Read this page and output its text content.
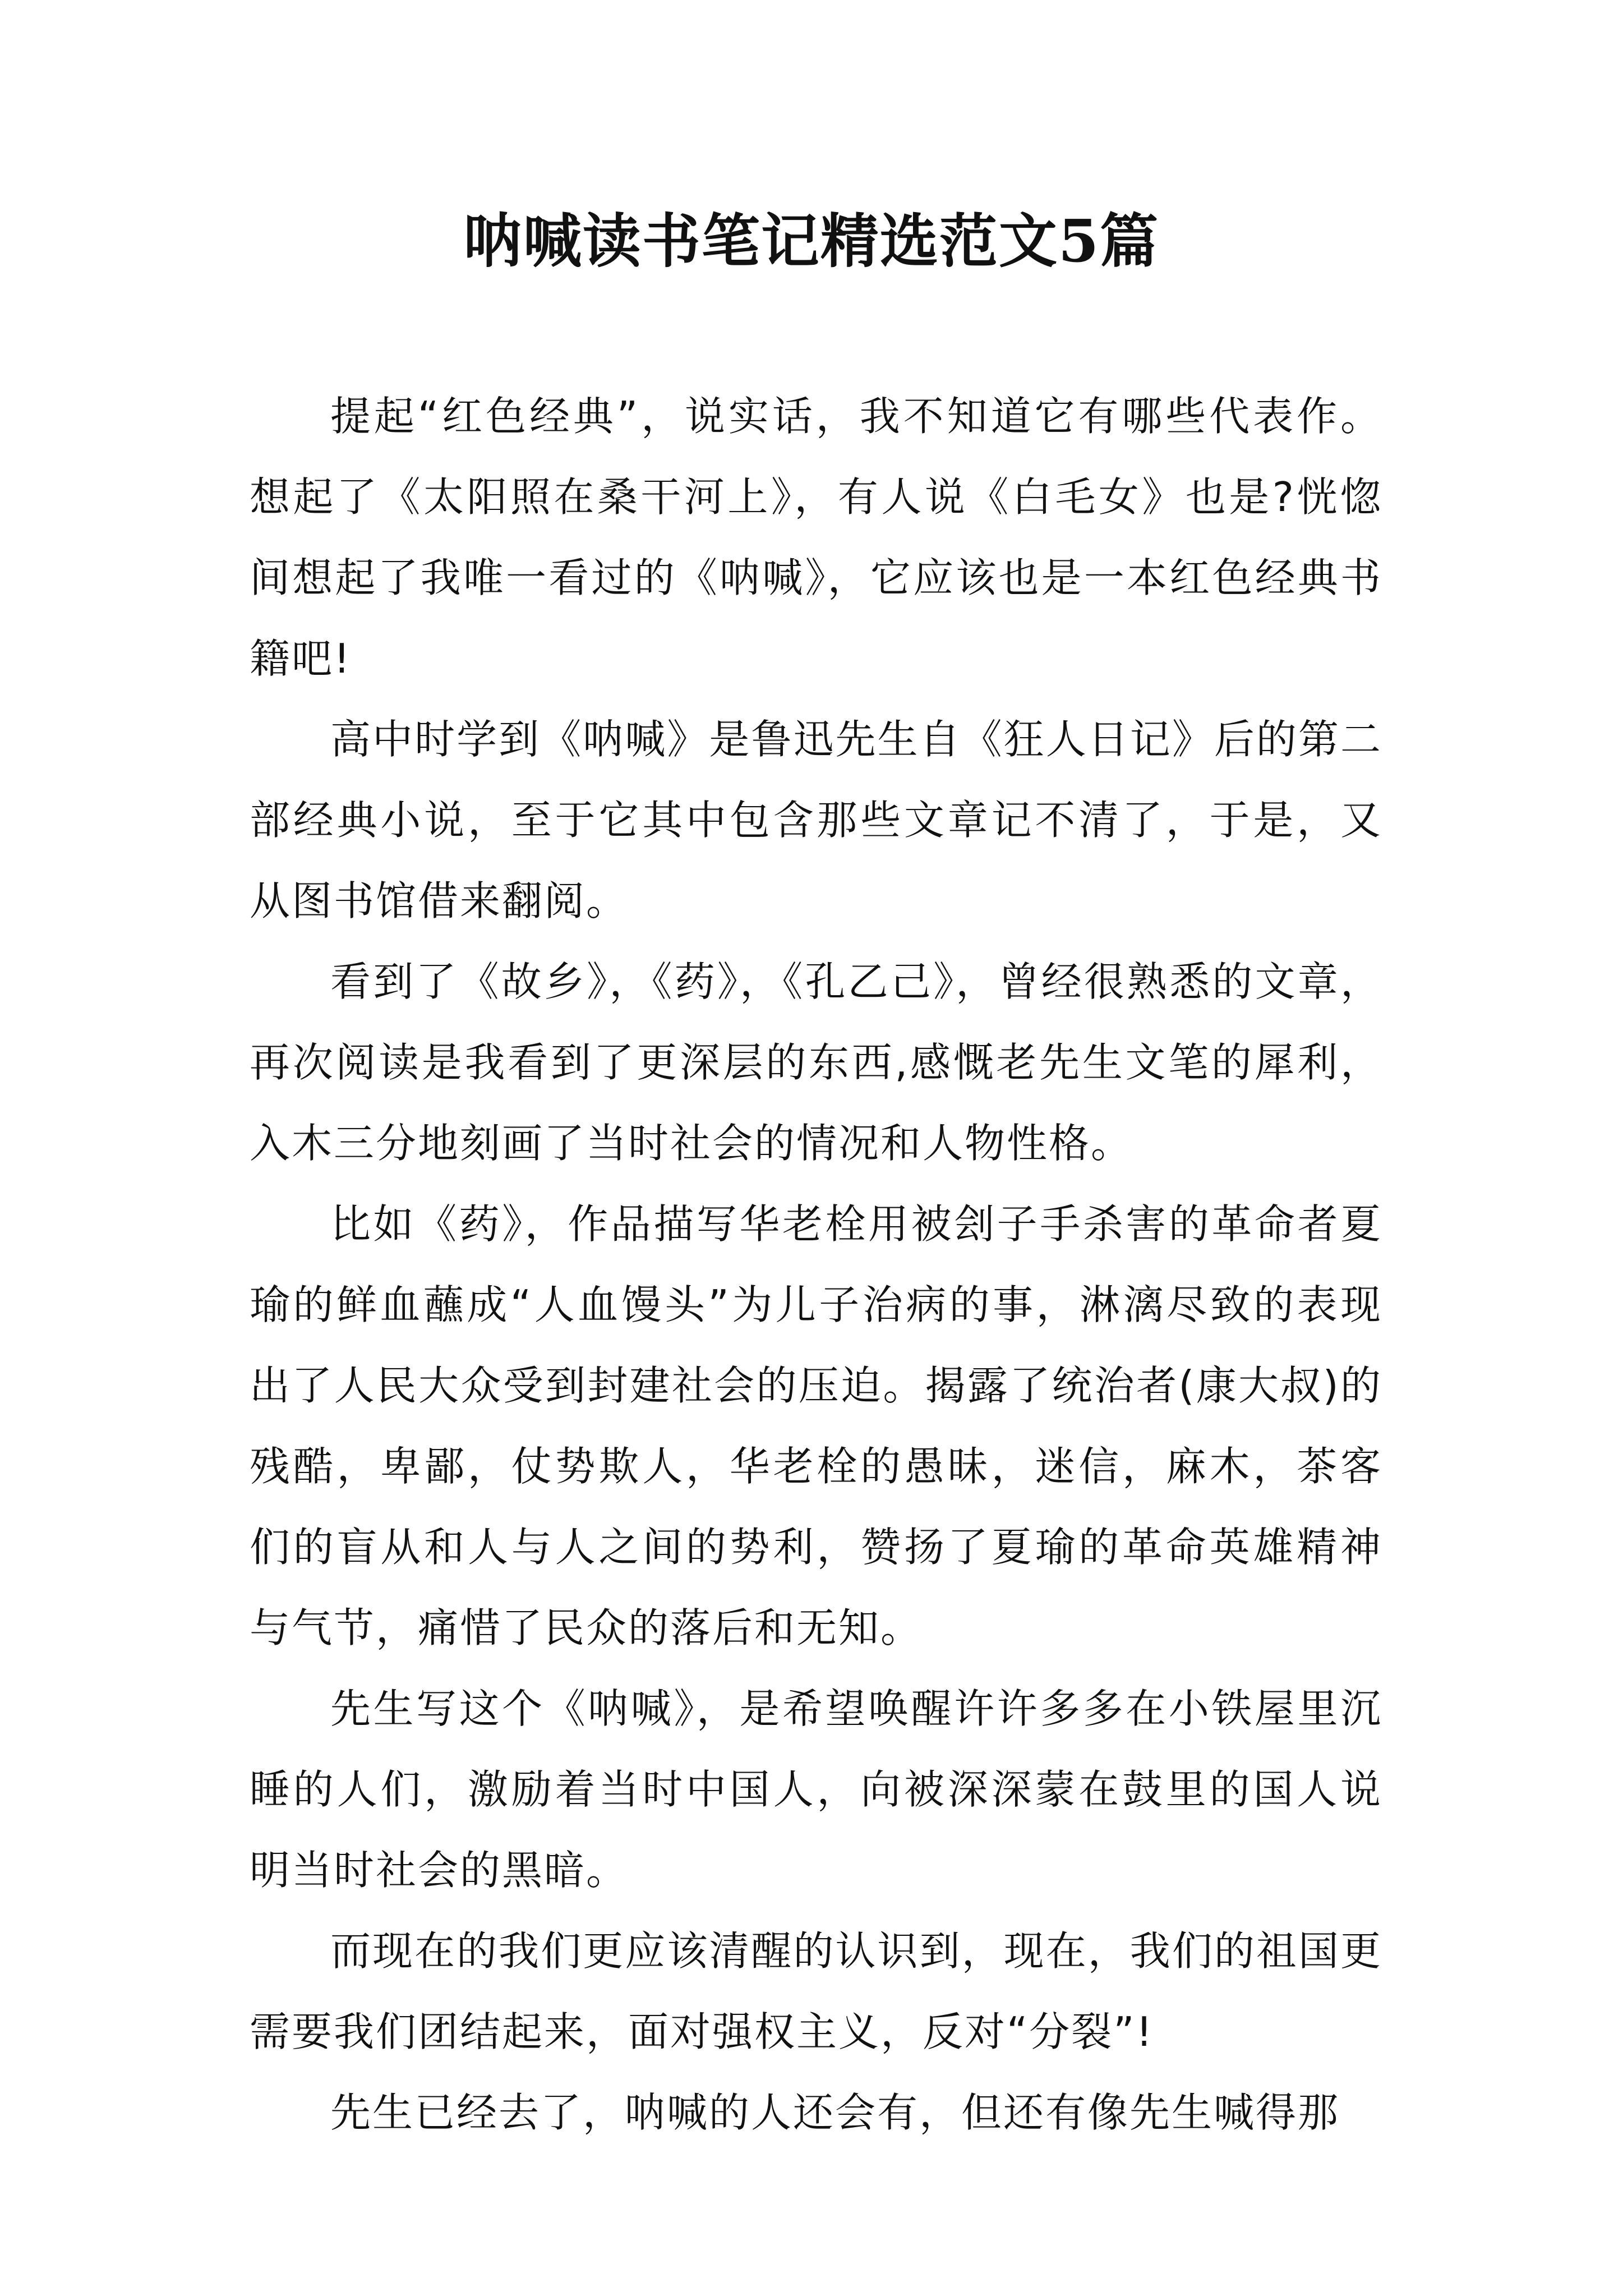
呐喊读书笔记精选范文5篇

提起“红色经典”，说实话，我不知道它有哪些代表作。想起了《太阳照在桑干河上》，有人说《白毛女》也是?恍惚间想起了我唯一看过的《呐喊》，它应该也是一本红色经典书籍吧!

高中时学到《呐喊》是鲁迅先生自《狂人日记》后的第二部经典小说，至于它其中包含那些文章记不清了，于是，又从图书馆借来翻阅。

看到了《故乡》，《药》，《孔乙己》，曾经很熟悉的文章，再次阅读是我看到了更深层的东西,感慨老先生文笔的犀利，入木三分地刻画了当时社会的情况和人物性格。

比如《药》，作品描写华老栓用被刽子手杀害的革命者夏瑜的鲜血蘸成“人血馒头”为儿子治病的事，淋漓尽致的表现出了人民大众受到封建社会的压迫。揭露了统治者(康大叔)的残酷，卑鄙，仗势欺人，华老栓的愚昧，迷信，麻木，茶客们的盲从和人与人之间的势利，赞扬了夏瑜的革命英雄精神与气节，痛惜了民众的落后和无知。

先生写这个《呐喊》，是希望唤醒许许多多在小铁屋里沉睡的人们，激励着当时中国人，向被深深蒙在鼓里的国人说明当时社会的黑暗。

而现在的我们更应该清醒的认识到，现在，我们的祖国更需要我们团结起来，面对强权主义，反对“分裂”!

先生已经去了，呐喊的人还会有，但还有像先生喊得那
